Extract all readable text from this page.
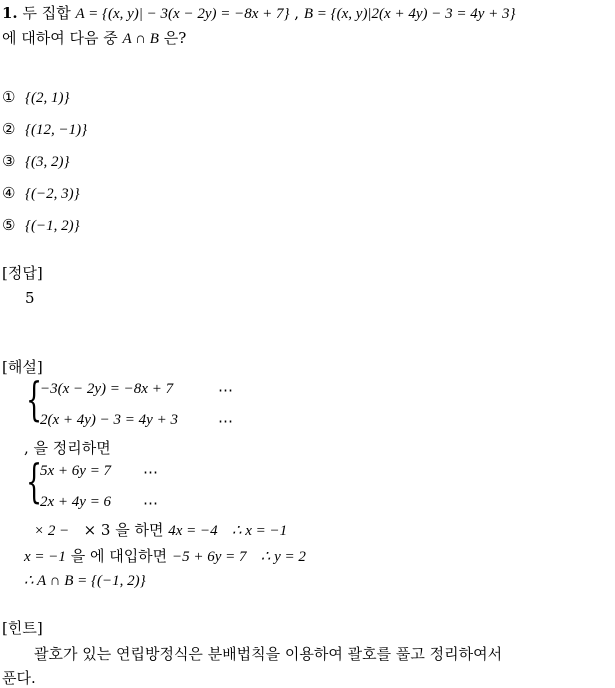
1. 두 집합 A = {(x, y)| − 3(x − 2y) = −8x + 7} , B = {(x, y)|2(x + 4y) − 3 = 4y + 3}
에 대하여 다음 중 A ∩ B 은?
① {(2, 1)}
② {(12, −1)}
③ {(3, 2)}
④ {(−2, 3)}
⑤ {(−1, 2)}
[정답]
5
[해설]
{
−3(x − 2y) = −8x + 7	⋯
2(x + 4y) − 3 = 4y + 3	⋯
, 을 정리하면
{
5x + 6y = 7 ⋯
2x + 4y = 6 ⋯
× 2 − × 3 을 하면 4x = −4 ∴ x = −1
x = −1 을 에 대입하면 −5 + 6y = 7 ∴ y = 2
∴ A ∩ B = {(−1, 2)}
[힌트]
괄호가 있는 연립방정식은 분배법칙을 이용하여 괄호를 풀고 정리하여서
푼다.
